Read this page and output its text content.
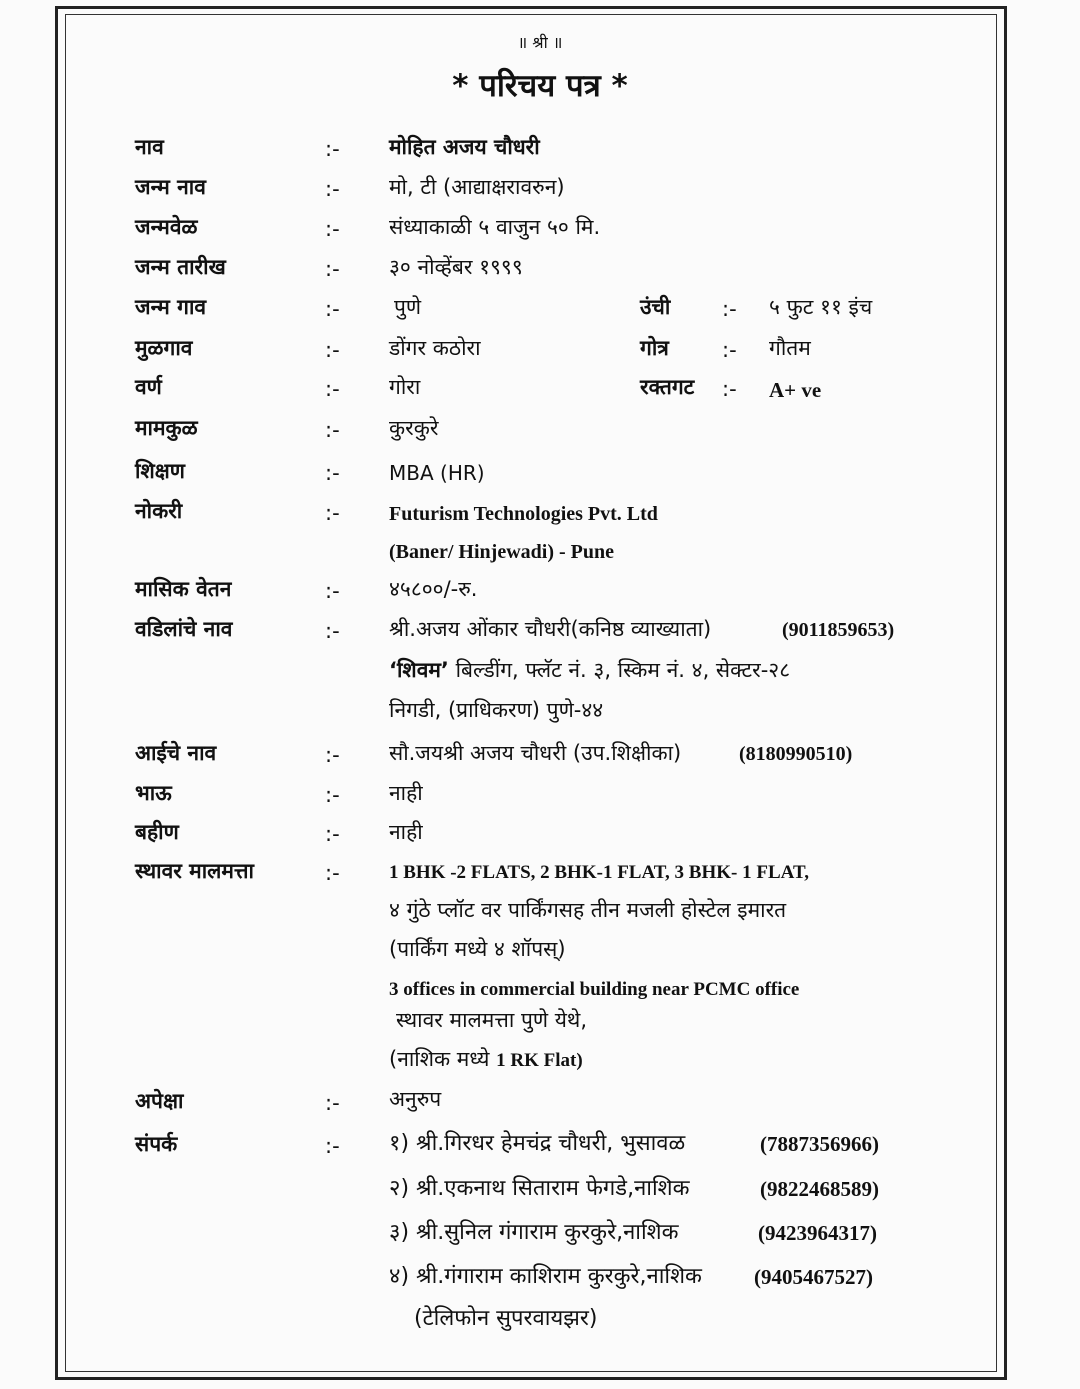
॥ श्री ॥
* परिचय पत्र *
नाव	:- मोहित अजय चौधरी
जन्म नाव	:- मो, टी (आद्याक्षरावरुन)
जन्मवेळ	:- संध्याकाळी ५ वाजुन ५० मि.
जन्म तारीख	:- ३० नोव्हेंबर १९९९
जन्म गाव	:-	पुणे	उंची :- ५ फुट ११ इंच
मुळगाव	:- डोंगर कठोरा	गोत्र	:- गौतम
वर्ण	:- गोरा	रक्तगट :- A+ ve
मामकुळ	:- कुरकुरे
शिक्षण	:- MBA (HR)
नोकरी	:- Futurism Technologies Pvt. Ltd
(Baner/ Hinjewadi) - Pune
मासिक वेतन	:- ४५८००/-रु.
वडिलांचे नाव	:- श्री.अजय ओंकार चौधरी(कनिष्ठ व्याख्याता)	(9011859653)
‘शिवम’ बिल्डींग, फ्लॅट नं. ३, स्किम नं. ४, सेक्टर-२८
निगडी, (प्राधिकरण) पुणे-४४
आईचे नाव	:- सौ.जयश्री अजय चौधरी (उप.शिक्षीका)	(8180990510)
भाऊ	:- नाही
बहीण	:- नाही
स्थावर मालमत्ता	:-	1 BHK -2 FLATS, 2 BHK-1 FLAT, 3 BHK- 1 FLAT,
४ गुंठे प्लॉट वर पार्किंगसह तीन मजली होस्टेल इमारत
(पार्किंग मध्ये ४ शॉपस्)
3 offices in commercial building near PCMC office
स्थावर मालमत्ता पुणे येथे,
(नाशिक मध्ये 1 RK Flat)
अपेक्षा	:- अनुरुप
संपर्क	:- १) श्री.गिरधर हेमचंद्र चौधरी, भुसावळ	(7887356966)
२) श्री.एकनाथ सिताराम फेगडे,नाशिक	(9822468589)
३) श्री.सुनिल गंगाराम कुरकुरे,नाशिक	(9423964317)
४) श्री.गंगाराम काशिराम कुरकुरे,नाशिक (9405467527)
(टेलिफोन सुपरवायझर)
